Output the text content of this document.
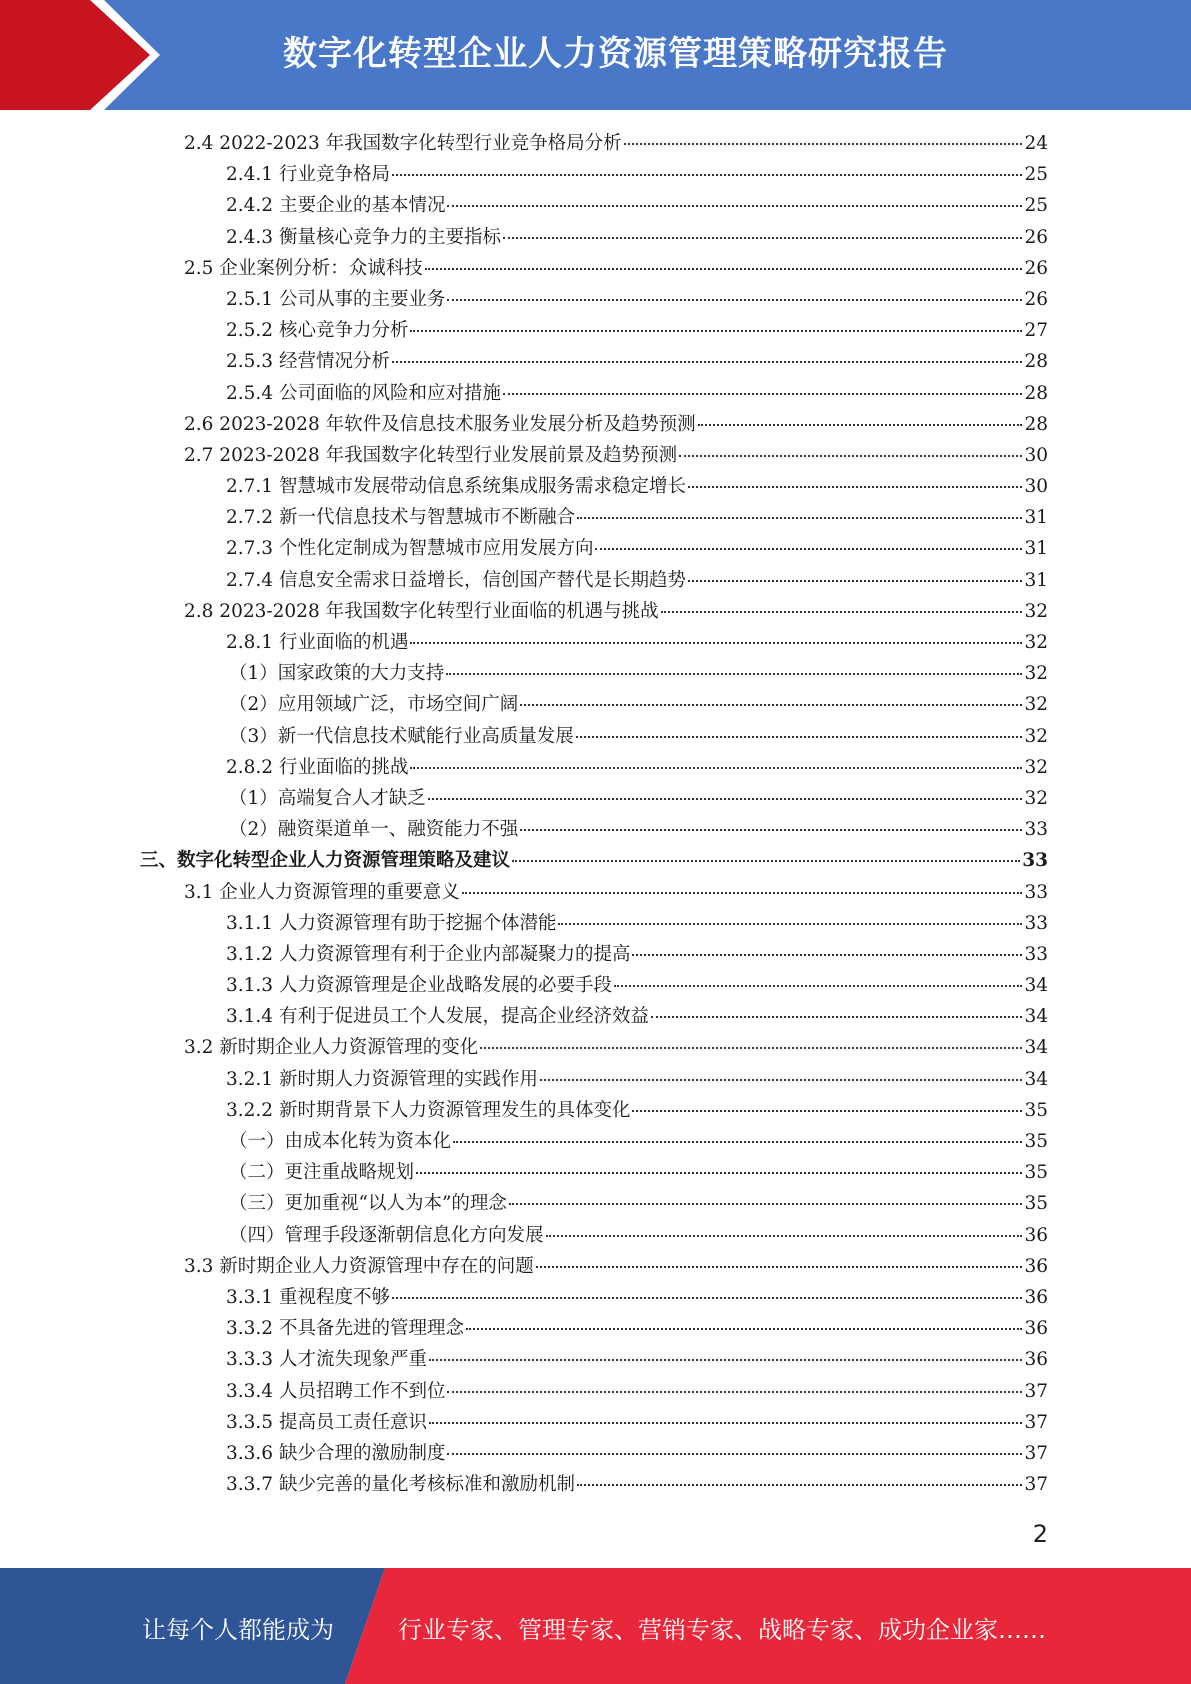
数字化转型企业人力资源管理策略研究报告
2.4 2022-2023 年我国数字化转型行业竞争格局分析	24
2.4.1 行业竞争格局	25
2.4.2 主要企业的基本情况	25
2.4.3 衡量核心竞争力的主要指标	26
2.5 企业案例分析：众诚科技	26
2.5.1 公司从事的主要业务	26
2.5.2 核心竞争力分析	27
2.5.3 经营情况分析	28
2.5.4 公司面临的风险和应对措施	28
2.6 2023-2028 年软件及信息技术服务业发展分析及趋势预测	28
2.7 2023-2028 年我国数字化转型行业发展前景及趋势预测	30
2.7.1 智慧城市发展带动信息系统集成服务需求稳定增长	30
2.7.2 新一代信息技术与智慧城市不断融合	31
2.7.3 个性化定制成为智慧城市应用发展方向	31
2.7.4 信息安全需求日益增长，信创国产替代是长期趋势	31
2.8 2023-2028 年我国数字化转型行业面临的机遇与挑战	32
2.8.1 行业面临的机遇	32
（1）国家政策的大力支持	32
（2）应用领域广泛，市场空间广阔	32
（3）新一代信息技术赋能行业高质量发展	32
2.8.2 行业面临的挑战	32
（1）高端复合人才缺乏	32
（2）融资渠道单一、融资能力不强	33
三、数字化转型企业人力资源管理策略及建议	33
3.1 企业人力资源管理的重要意义	33
3.1.1 人力资源管理有助于挖掘个体潜能	33
3.1.2 人力资源管理有利于企业内部凝聚力的提高	33
3.1.3 人力资源管理是企业战略发展的必要手段	34
3.1.4 有利于促进员工个人发展，提高企业经济效益	34
3.2 新时期企业人力资源管理的变化	34
3.2.1 新时期人力资源管理的实践作用	34
3.2.2 新时期背景下人力资源管理发生的具体变化	35
（一）由成本化转为资本化	35
（二）更注重战略规划	35
（三）更加重视“以人为本”的理念	35
（四）管理手段逐渐朝信息化方向发展	36
3.3 新时期企业人力资源管理中存在的问题	36
3.3.1 重视程度不够	36
3.3.2 不具备先进的管理理念	36
3.3.3 人才流失现象严重	36
3.3.4 人员招聘工作不到位	37
3.3.5 提高员工责任意识	37
3.3.6 缺少合理的激励制度	37
3.3.7 缺少完善的量化考核标准和激励机制	37
2
让每个人都能成为	行业专家、管理专家、营销专家、战略专家、成功企业家……
